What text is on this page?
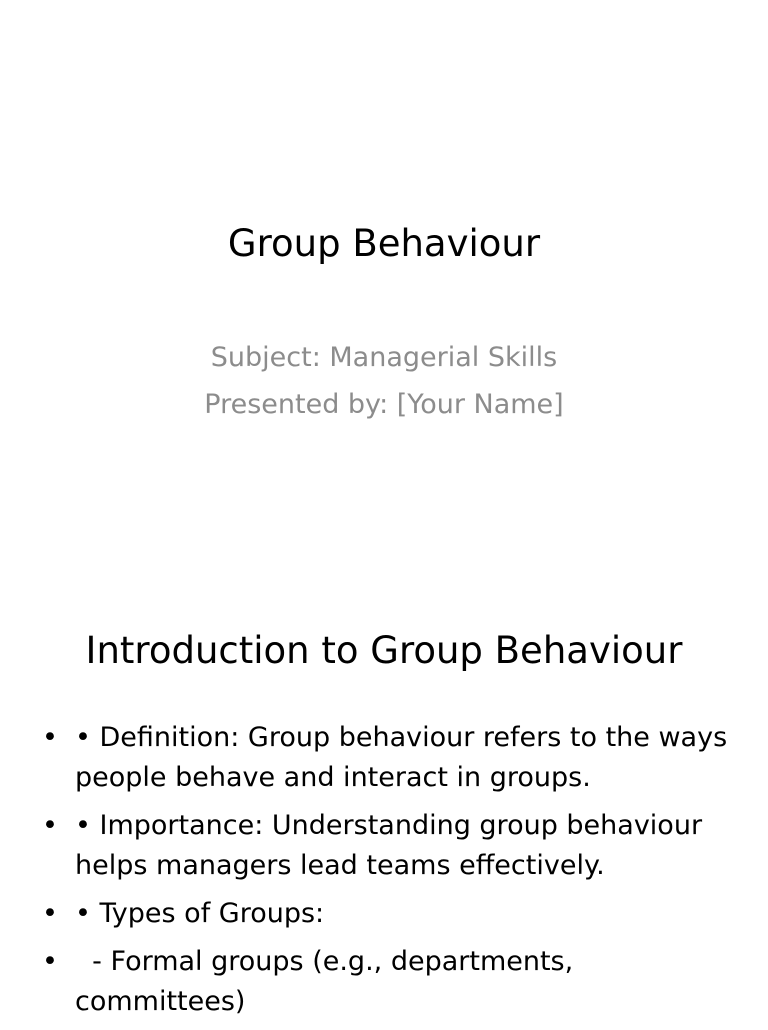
Group Behaviour
Subject: Managerial Skills
Presented by: [Your Name]
Introduction to Group Behaviour
• • Definition: Group behaviour refers to the ways people behave and interact in groups.
• • Importance: Understanding group behaviour helps managers lead teams effectively.
• • Types of Groups:
• - Formal groups (e.g., departments, committees)
